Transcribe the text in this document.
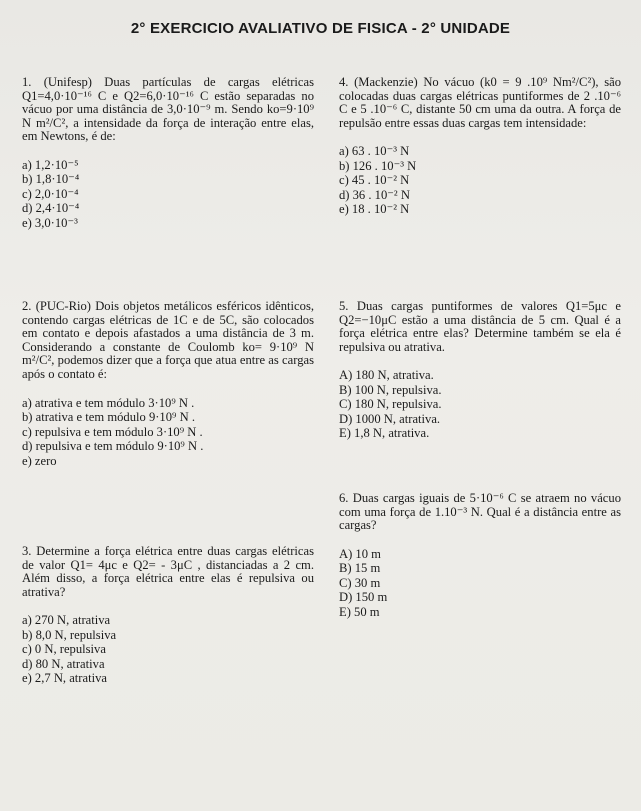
2° EXERCICIO AVALIATIVO DE FISICA - 2° UNIDADE
1. (Unifesp) Duas partículas de cargas elétricas Q1=4,0·10⁻¹⁶ C e Q2=6,0·10⁻¹⁶ C estão separadas no vácuo por uma distância de 3,0·10⁻⁹ m. Sendo ko=9·10⁹ N m²/C², a intensidade da força de interação entre elas, em Newtons, é de:
a) 1,2·10⁻⁵
b) 1,8·10⁻⁴
c) 2,0·10⁻⁴
d) 2,4·10⁻⁴
e) 3,0·10⁻³
2. (PUC-Rio) Dois objetos metálicos esféricos idênticos, contendo cargas elétricas de 1C e de 5C, são colocados em contato e depois afastados a uma distância de 3 m. Considerando a constante de Coulomb ko= 9·10⁹ N m²/C², podemos dizer que a força que atua entre as cargas após o contato é:
a) atrativa e tem módulo 3·10⁹ N .
b) atrativa e tem módulo 9·10⁹ N .
c) repulsiva e tem módulo 3·10⁹ N .
d) repulsiva e tem módulo 9·10⁹ N .
e) zero
3. Determine a força elétrica entre duas cargas elétricas de valor Q1= 4μc e Q2= - 3μC , distanciadas a 2 cm. Além disso, a força elétrica entre elas é repulsiva ou atrativa?
a) 270 N, atrativa
b) 8,0 N, repulsiva
c) 0 N, repulsiva
d) 80 N, atrativa
e) 2,7 N, atrativa
4. (Mackenzie) No vácuo (k0 = 9 .10⁹ Nm²/C²), são colocadas duas cargas elétricas puntiformes de 2 .10⁻⁶ C e 5 .10⁻⁶ C, distante 50 cm uma da outra. A força de repulsão entre essas duas cargas tem intensidade:
a) 63 . 10⁻³ N
b) 126 . 10⁻³ N
c) 45 . 10⁻² N
d) 36 . 10⁻² N
e) 18 . 10⁻² N
5. Duas cargas puntiformes de valores Q1=5μc e Q2=−10μC estão a uma distância de 5 cm. Qual é a força elétrica entre elas? Determine também se ela é repulsiva ou atrativa.
A) 180 N, atrativa.
B) 100 N, repulsiva.
C) 180 N, repulsiva.
D) 1000 N, atrativa.
E) 1,8 N, atrativa.
6. Duas cargas iguais de 5·10⁻⁶ C se atraem no vácuo com uma força de 1.10⁻³ N. Qual é a distância entre as cargas?
A) 10 m
B) 15 m
C) 30 m
D) 150 m
E) 50 m
